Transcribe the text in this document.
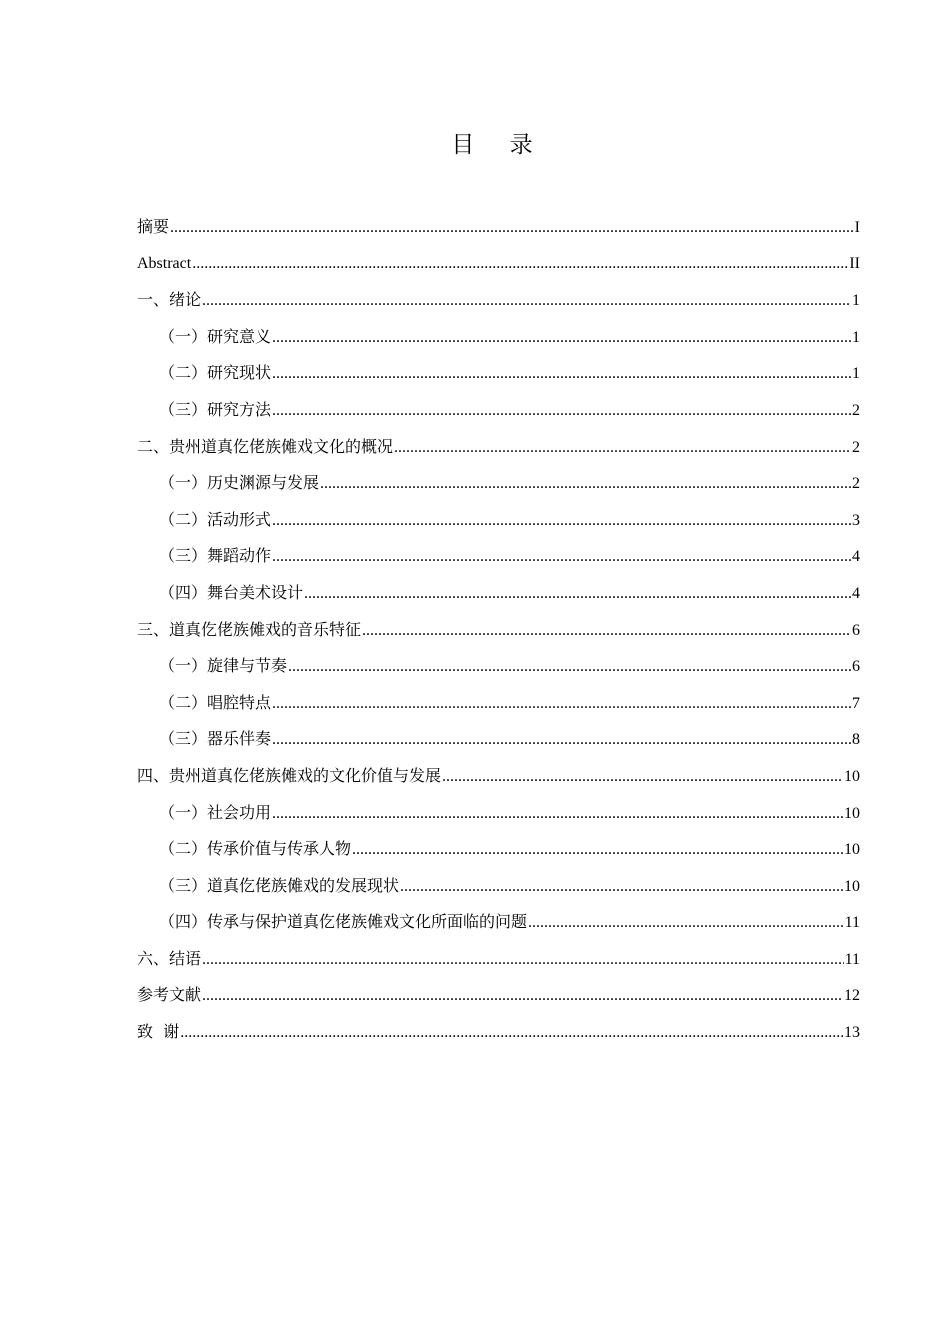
目 录
摘要 .....	I
Abstract .....	II
一、绪论 .....	1
（一）研究意义 .....	1
（二）研究现状 .....	1
（三）研究方法 .....	2
二、贵州道真仡佬族傩戏文化的概况 .....	2
（一）历史渊源与发展 .....	2
（二）活动形式 .....	3
（三）舞蹈动作 .....	4
（四）舞台美术设计 .....	4
三、道真仡佬族傩戏的音乐特征 .....	6
（一）旋律与节奏 .....	6
（二）唱腔特点 .....	7
（三）器乐伴奏 .....	8
四、贵州道真仡佬族傩戏的文化价值与发展 .....	10
（一）社会功用 .....	10
（二）传承价值与传承人物 .....	10
（三）道真仡佬族傩戏的发展现状 .....	10
（四）传承与保护道真仡佬族傩戏文化所面临的问题 .....	11
六、结语 .....	11
参考文献 .....	12
致  谢 .....	13
